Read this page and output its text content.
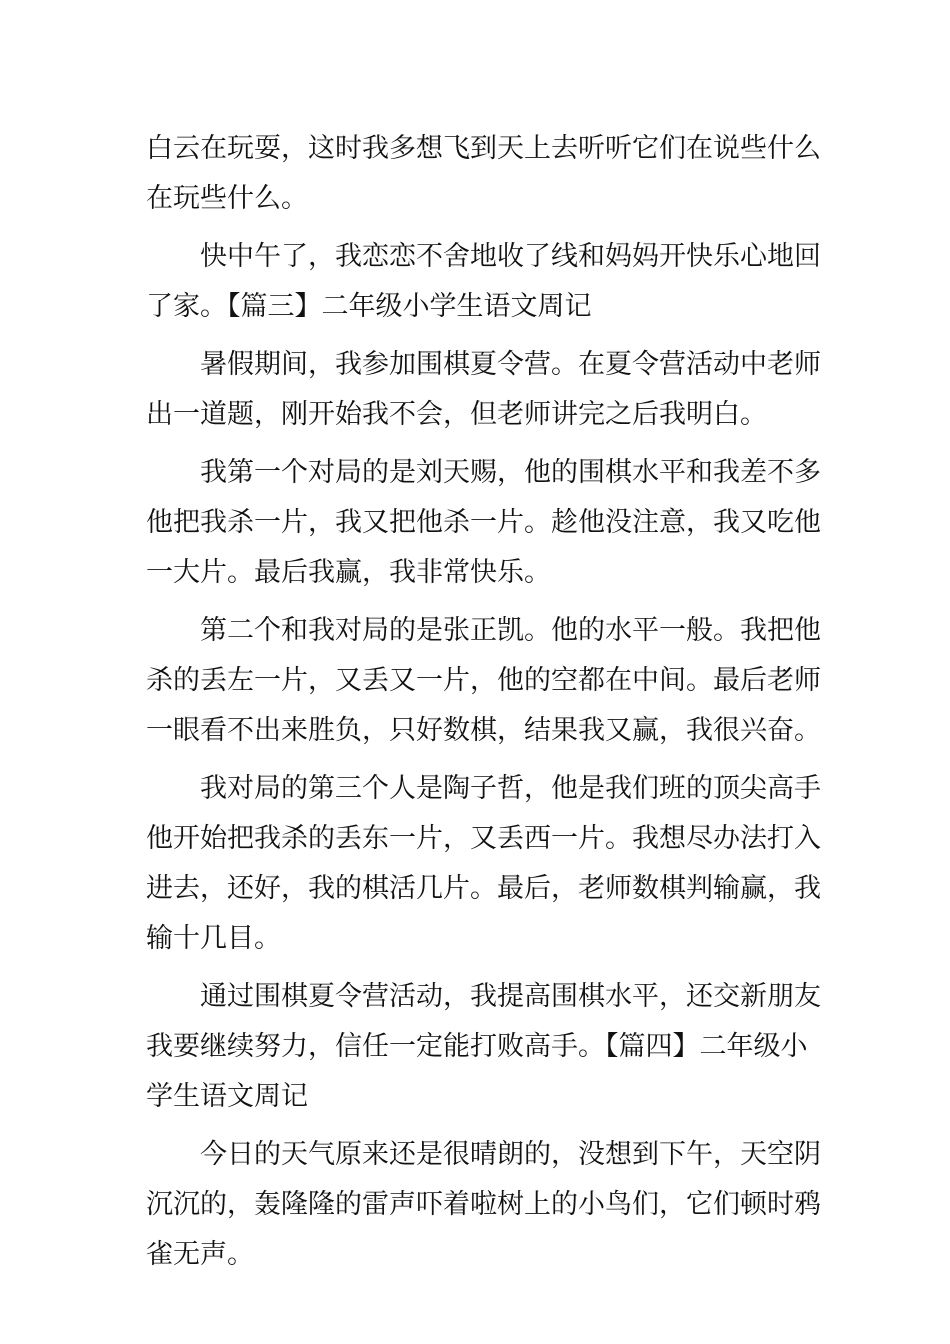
白云在玩耍，这时我多想飞到天上去听听它们在说些什么
在玩些什么。
快中午了，我恋恋不舍地收了线和妈妈开快乐心地回
了家。【篇三】二年级小学生语文周记
暑假期间，我参加围棋夏令营。在夏令营活动中老师
出一道题，刚开始我不会，但老师讲完之后我明白。
我第一个对局的是刘天赐，他的围棋水平和我差不多
他把我杀一片，我又把他杀一片。趁他没注意，我又吃他
一大片。最后我赢，我非常快乐。
第二个和我对局的是张正凯。他的水平一般。我把他
杀的丢左一片，又丢又一片，他的空都在中间。最后老师
一眼看不出来胜负，只好数棋，结果我又赢，我很兴奋。
我对局的第三个人是陶子哲，他是我们班的顶尖高手
他开始把我杀的丢东一片，又丢西一片。我想尽办法打入
进去，还好，我的棋活几片。最后，老师数棋判输赢，我
输十几目。
通过围棋夏令营活动，我提高围棋水平，还交新朋友
我要继续努力，信任一定能打败高手。【篇四】二年级小
学生语文周记
今日的天气原来还是很晴朗的，没想到下午，天空阴
沉沉的，轰隆隆的雷声吓着啦树上的小鸟们，它们顿时鸦
雀无声。
